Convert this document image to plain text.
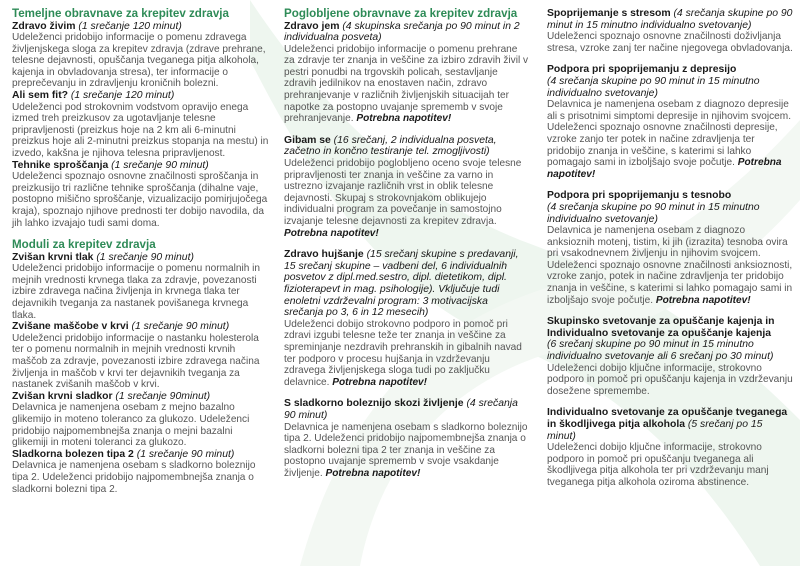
Temeljne obravnave za krepitev zdravja
Zdravo živim (1 srečanje 120 minut)
Udeleženci pridobijo informacije o pomenu zdravega življenjskega sloga za krepitev zdravja (zdrave prehrane, telesne dejavnosti, opuščanja tveganega pitja alkohola, kajenja in obvladovanja stresa), ter informacije o preprečevanju in zdravljenju kroničnih bolezni.
Ali sem fit? (1 srečanje 120 minut)
Udeleženci pod strokovnim vodstvom opravijo enega izmed treh preizkusov za ugotavljanje telesne pripravljenosti (preizkus hoje na 2 km ali 6-minutni preizkus hoje ali 2-minutni preizkus stopanja na mestu) in izvedo, kakšna je njihova telesna pripravljenost.
Tehnike sproščanja (1 srečanje 90 minut)
Udeleženci spoznajo osnovne značilnosti sproščanja in preizkusijo tri različne tehnike sproščanja (dihalne vaje, postopno mišično sproščanje, vizualizacijo pomirjujočega kraja), spoznajo njihove prednosti ter dobijo navodila, da jih lahko izvajajo tudi sami doma.
Moduli za krepitev zdravja
Zvišan krvni tlak (1 srečanje 90 minut)
Udeleženci pridobijo informacije o pomenu normalnih in mejnih vrednosti krvnega tlaka za zdravje, povezanosti izbire zdravega načina življenja in krvnega tlaka ter dejavnikih tveganja za nastanek povišanega krvnega tlaka.
Zvišane maščobe v krvi (1 srečanje 90 minut)
Udeleženci pridobijo informacije o nastanku holesterola ter o pomenu normalnih in mejnih vrednosti krvnih maščob za zdravje, povezanosti izbire zdravega načina življenja in maščob v krvi ter dejavnikih tveganja za nastanek zvišanih maščob v krvi.
Zvišan krvni sladkor (1 srečanje 90minut)
Delavnica je namenjena osebam z mejno bazalno glikemijo in moteno toleranco za glukozo. Udeleženci pridobijo najpomembnejša znanja o mejni bazalni glikemiji in moteni toleranci za glukozo.
Sladkorna bolezen tipa 2 (1 srečanje 90 minut)
Delavnica je namenjena osebam s sladkorno boleznijo tipa 2. Udeleženci pridobijo najpomembnejša znanja o sladkorni bolezni tipa 2.
Poglobljene obravnave za krepitev zdravja
Zdravo jem (4 skupinska srečanja po 90 minut in 2 individualna posveta)
Udeleženci pridobijo informacije o pomenu prehrane za zdravje ter znanja in veščine za izbiro zdravih živil v pestri ponudbi na trgovskih policah, sestavljanje zdravih jedilnikov na enostaven način, zdravo prehranjevanje v različnih življenjskih situacijah ter napotke za postopno uvajanje sprememb v svoje prehranjevanje. Potrebna napotitev!
Gibam se (16 srečanj, 2 individualna posveta, začetno in končno testiranje tel. zmogljivosti)
Udeleženci pridobijo poglobljeno oceno svoje telesne pripravljenosti ter znanja in veščine za varno in ustrezno izvajanje različnih vrst in oblik telesne dejavnosti. Skupaj s strokovnjakom oblikujejo individualni program za povečanje in samostojno izvajanje telesne dejavnosti za krepitev zdravja. Potrebna napotitev!
Zdravo hujšanje (15 srečanj skupine s predavanji, 15 srečanj skupine – vadbeni del, 6 individualnih posvetov z dipl.med.sestro, dipl. dietetikom, dipl. fizioterapevt in mag. psihologije). Vključuje tudi enoletni vzdrževalni program: 3 motivacijska srečanja po 3, 6 in 12 mesecih)
Udeleženci dobijo strokovno podporo in pomoč pri zdravi izgubi telesne teže ter znanja in veščine za spreminjanje nezdravih prehranskih in gibalnih navad ter podporo v procesu hujšanja in vzdrževanju zdravega življenjskega sloga tudi po zaključku delavnice. Potrebna napotitev!
S sladkorno boleznijo skozi življenje (4 srečanja 90 minut)
Delavnica je namenjena osebam s sladkorno boleznijo tipa 2. Udeleženci pridobijo najpomembnejša znanja o sladkorni bolezni tipa 2 ter znanja in veščine za postopno uvajanje sprememb v svoje vsakdanje življenje. Potrebna napotitev!
Spoprijemanje s stresom (4 srečanja skupine po 90 minut in 15 minutno individualno svetovanje)
Udeleženci spoznajo osnovne značilnosti doživljanja stresa, vzroke zanj ter načine njegovega obvladovanja.
Podpora pri spoprijemanju z depresijo
(4 srečanja skupine po 90 minut in 15 minutno individualno svetovanje)
Delavnica je namenjena osebam z diagnozo depresije ali s prisotnimi simptomi depresije in njihovim svojcem. Udeleženci spoznajo osnovne značilnosti depresije, vzroke zanjo ter potek in načine zdravljenja ter pridobijo znanja in veščine, s katerimi si lahko pomagajo sami in izboljšajo svoje počutje. Potrebna napotitev!
Podpora pri spoprijemanju s tesnobo
(4 srečanja skupine po 90 minut in 15 minutno individualno svetovanje)
Delavnica je namenjena osebam z diagnozo anksioznih motenj, tistim, ki jih (izrazita) tesnoba ovira pri vsakodnevnem življenju in njihovim svojcem. Udeleženci spoznajo osnovne značilnosti anksioznosti, vzroke zanjo, potek in načine zdravljenja ter pridobijo znanja in veščine, s katerimi si lahko pomagajo sami in izboljšajo svoje počutje. Potrebna napotitev!
Skupinsko svetovanje za opuščanje kajenja in Individualno svetovanje za opuščanje kajenja
(6 srečanj skupine po 90 minut in 15 minutno individualno svetovanje ali 6 srečanj po 30 minut)
Udeleženci dobijo ključne informacije, strokovno podporo in pomoč pri opuščanju kajenja in vzdrževanju dosežene spremembe.
Individualno svetovanje za opuščanje tveganega in škodljivega pitja alkohola (5 srečanj po 15 minut)
Udeleženci dobijo ključne informacije, strokovno podporo in pomoč pri opuščanju tveganega ali škodljivega pitja alkohola ter pri vzdrževanju manj tveganega pitja alkohola oziroma abstinence.
